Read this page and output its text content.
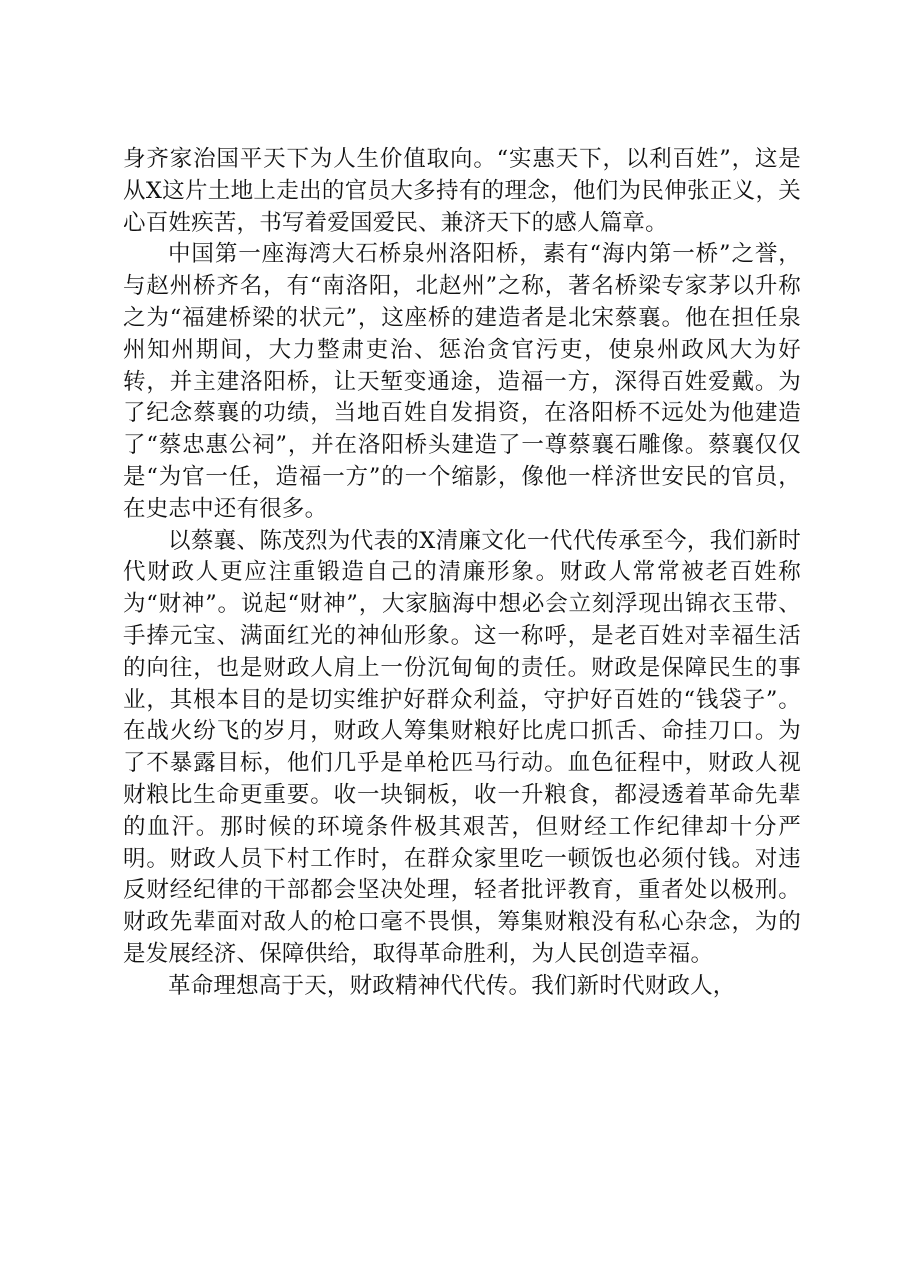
身齐家治国平天下为人生价值取向。“实惠天下，以利百姓”，这是从X这片土地上走出的官员大多持有的理念，他们为民伸张正义，关心百姓疾苦，书写着爱国爱民、兼济天下的感人篇章。

中国第一座海湾大石桥泉州洛阳桥，素有“海内第一桥”之誉，与赵州桥齐名，有“南洛阳，北赵州”之称，著名桥梁专家茅以升称之为“福建桥梁的状元”，这座桥的建造者是北宋蔡襄。他在担任泉州知州期间，大力整肃吏治、惩治贪官污吏，使泉州政风大为好转，并主建洛阳桥，让天堑变通途，造福一方，深得百姓爱戴。为了纪念蔡襄的功绩，当地百姓自发捐资，在洛阳桥不远处为他建造了“蔡忠惠公祠”，并在洛阳桥头建造了一尊蔡襄石雕像。蔡襄仅仅是“为官一任，造福一方”的一个缩影，像他一样济世安民的官员，在史志中还有很多。

以蔡襄、陈茂烈为代表的X清廉文化一代代传承至今，我们新时代财政人更应注重锻造自己的清廉形象。财政人常常被老百姓称为“财神”。说起“财神”，大家脑海中想必会立刻浮现出锦衣玉带、手捧元宝、满面红光的神仙形象。这一称呼，是老百姓对幸福生活的向往，也是财政人肩上一份沉甸甸的责任。财政是保障民生的事业，其根本目的是切实维护好群众利益，守护好百姓的“钱袋子”。在战火纷飞的岁月，财政人筹集财粮好比虎口抓舌、命挂刀口。为了不暴露目标，他们几乎是单枪匹马行动。血色征程中，财政人视财粮比生命更重要。收一块铜板，收一升粮食，都浸透着革命先辈的血汗。那时候的环境条件极其艰苦，但财经工作纪律却十分严明。财政人员下村工作时，在群众家里吃一顿饭也必须付钱。对违反财经纪律的干部都会坚决处理，轻者批评教育，重者处以极刑。财政先辈面对敌人的枪口毫不畏惧，筹集财粮没有私心杂念，为的是发展经济、保障供给，取得革命胜利，为人民创造幸福。

革命理想高于天，财政精神代代传。我们新时代财政人，
